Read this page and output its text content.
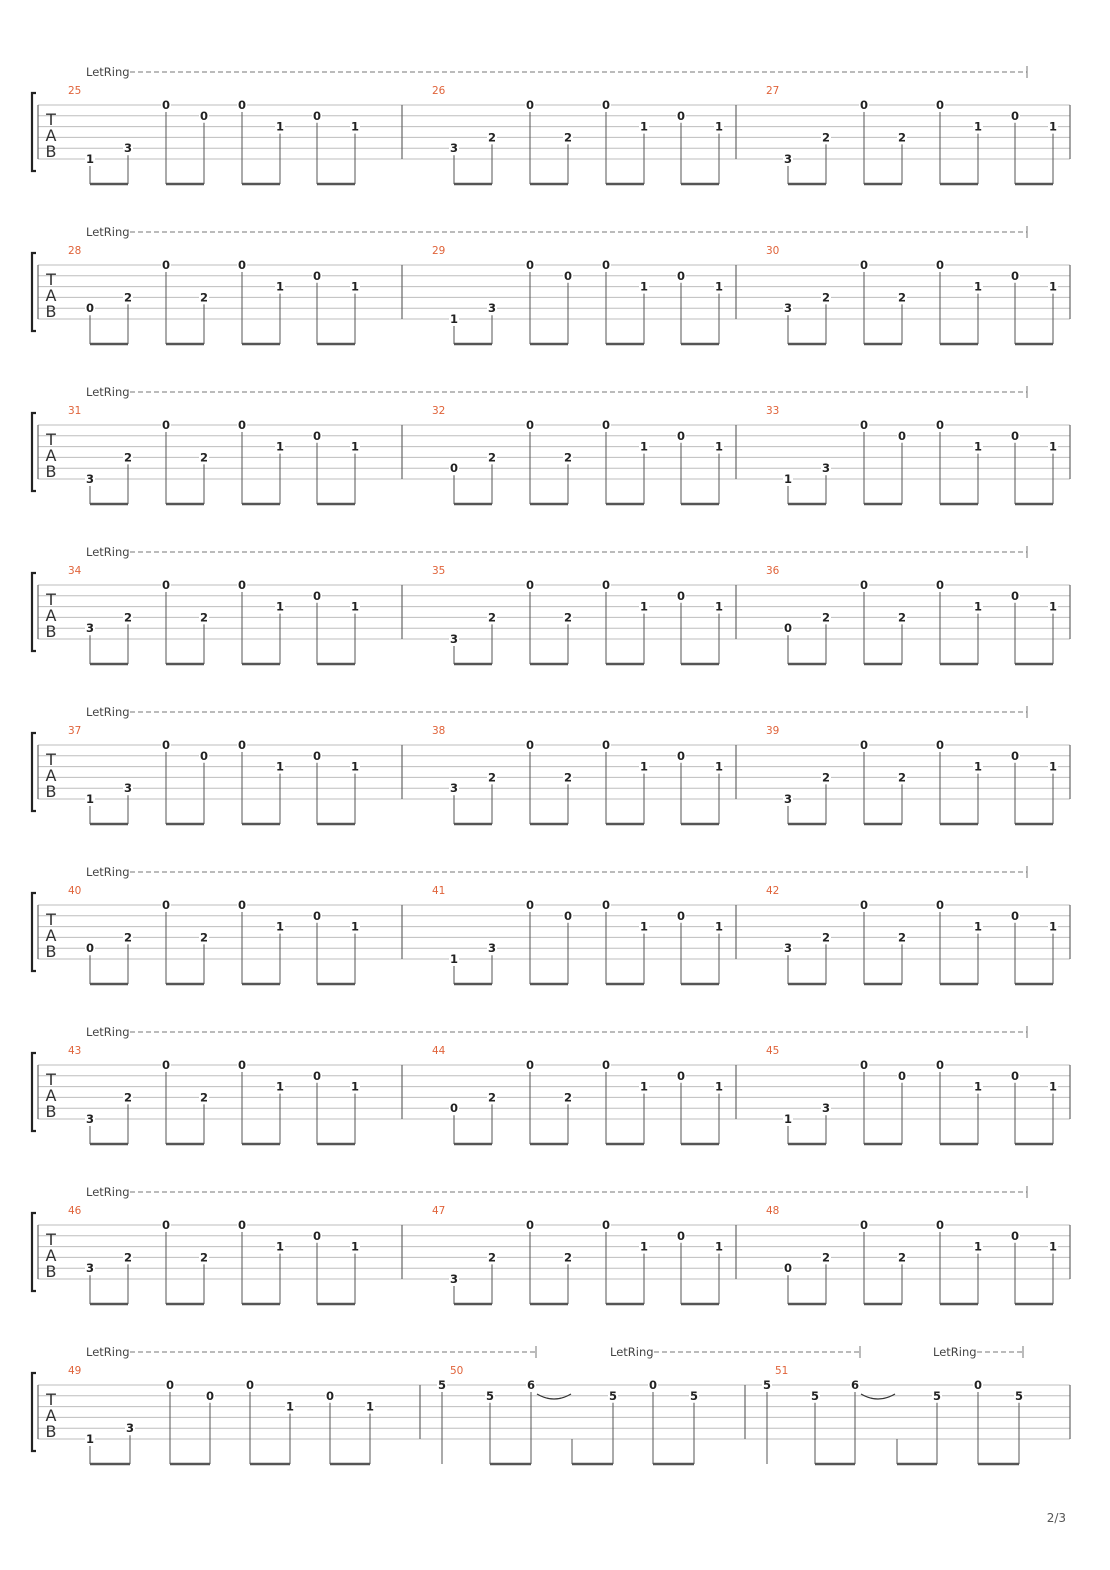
LetRing
T
A
B
25
1
3
0
0
0
1
0
1
26
3
2
0
2
0
1
0
1
27
3
2
0
2
0
1
0
1
LetRing
T
A
B
28
0
2
0
2
0
1
0
1
29
1
3
0
0
0
1
0
1
30
3
2
0
2
0
1
0
1
LetRing
T
A
B
31
3
2
0
2
0
1
0
1
32
0
2
0
2
0
1
0
1
33
1
3
0
0
0
1
0
1
LetRing
T
A
B
34
3
2
0
2
0
1
0
1
35
3
2
0
2
0
1
0
1
36
0
2
0
2
0
1
0
1
LetRing
T
A
B
37
1
3
0
0
0
1
0
1
38
3
2
0
2
0
1
0
1
39
3
2
0
2
0
1
0
1
LetRing
T
A
B
40
0
2
0
2
0
1
0
1
41
1
3
0
0
0
1
0
1
42
3
2
0
2
0
1
0
1
LetRing
T
A
B
43
3
2
0
2
0
1
0
1
44
0
2
0
2
0
1
0
1
45
1
3
0
0
0
1
0
1
LetRing
T
A
B
46
3
2
0
2
0
1
0
1
47
3
2
0
2
0
1
0
1
48
0
2
0
2
0
1
0
1
LetRing	LetRing	LetRing
T
A
B
49
1
3
0
0
0
1
0
1
50
5
5
6
5
0
5
51
5
5
6
5
0
5
2/3
